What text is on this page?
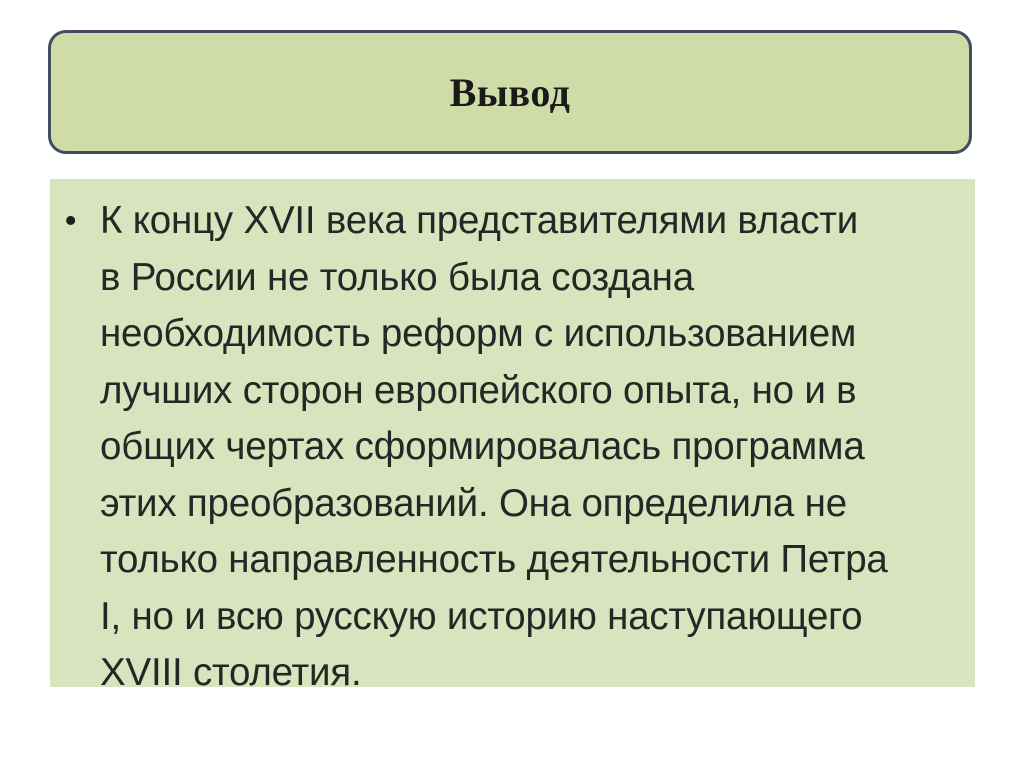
Вывод
• К концу XVII века представителями власти
в России не только была создана
необходимость реформ с использованием
лучших сторон европейского опыта, но и в
общих чертах сформировалась программа
этих преобразований. Она определила не
только направленность деятельности Петра
I, но и всю русскую историю наступающего
XVIII столетия.
